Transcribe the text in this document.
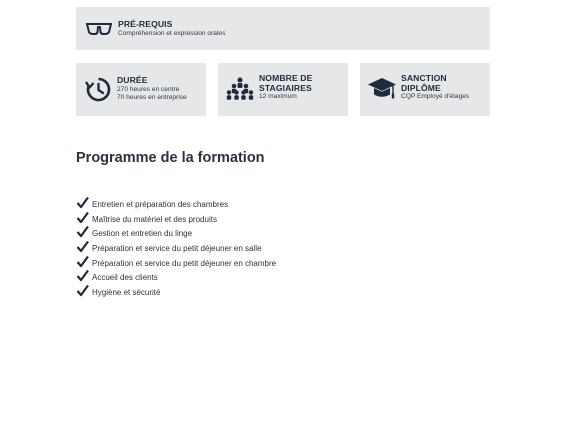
PRÉ-REQUIS
Compréhension et expression orales
DURÉE
270 heures en centre
70 heures en entreprise
NOMBRE DE
STAGIAIRES
12 maximum
SANCTION
DIPLÔME
CQP Employé d'étages
Programme de la formation
Entretien et préparation des chambres
Maîtrise du matériel et des produits
Gestion et entretien du linge
Préparation et service du petit déjeuner en salle
Préparation et service du petit déjeuner en chambre
Accueil des clients
Hygiène et sécurité
